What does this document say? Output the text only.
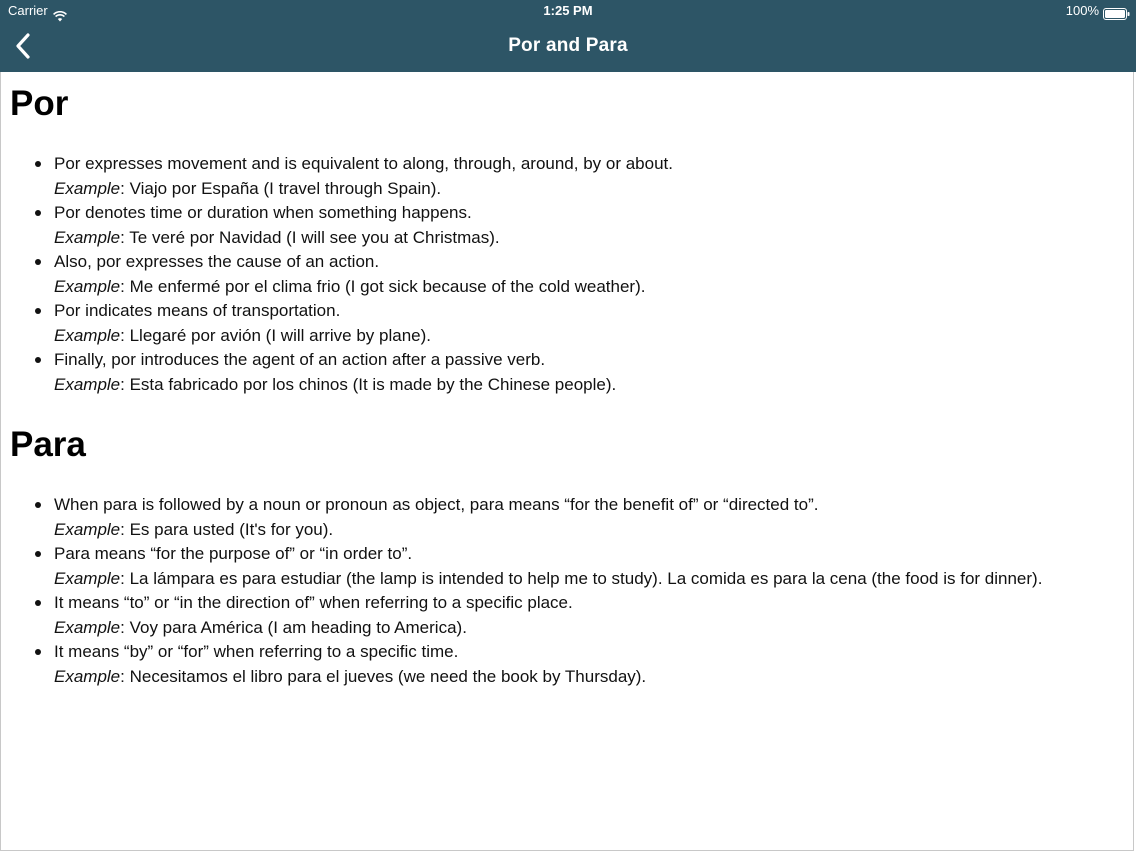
Carrier	1:25 PM	100%
Por and Para
Por
Por expresses movement and is equivalent to along, through, around, by or about.
Example: Viajo por España (I travel through Spain).
Por denotes time or duration when something happens.
Example: Te veré por Navidad (I will see you at Christmas).
Also, por expresses the cause of an action.
Example: Me enfermé por el clima frio (I got sick because of the cold weather).
Por indicates means of transportation.
Example: Llegaré por avión (I will arrive by plane).
Finally, por introduces the agent of an action after a passive verb.
Example: Esta fabricado por los chinos (It is made by the Chinese people).
Para
When para is followed by a noun or pronoun as object, para means “for the benefit of” or “directed to”.
Example: Es para usted (It's for you).
Para means “for the purpose of” or “in order to”.
Example: La lámpara es para estudiar (the lamp is intended to help me to study). La comida es para la cena (the food is for dinner).
It means “to” or “in the direction of” when referring to a specific place.
Example: Voy para América (I am heading to America).
It means “by” or “for” when referring to a specific time.
Example: Necesitamos el libro para el jueves (we need the book by Thursday).
